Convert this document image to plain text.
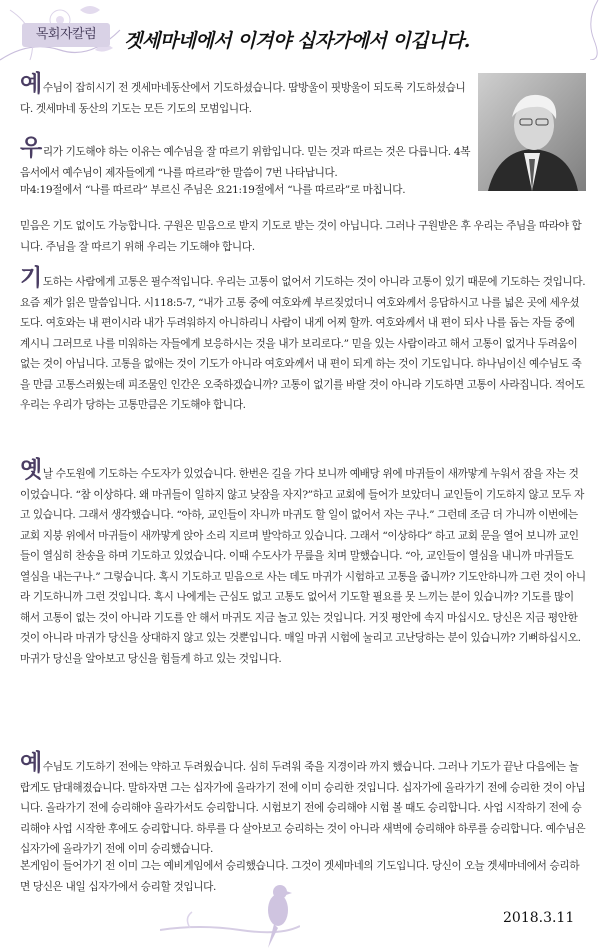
목회자칼럼	겟세마네에서 이겨야 십자가에서 이깁니다.

예수님이 잡히시기 전 겟세마네동산에서 기도하셨습니다. 땀방울이 핏방울이 되도록 기도하셨습니다. 겟세마네 동산의 기도는 모든 기도의 모범입니다.

우리가 기도해야 하는 이유는 예수님을 잘 따르기 위함입니다. 믿는 것과 따르는 것은 다릅니다. 4복음서에서 예수님이 제자들에게 “나를 따르라”한 말씀이 7번 나타납니다.

마4:19절에서 “나를 따르라” 부르신 주님은 요21:19절에서 “나를 따르라”로 마칩니다.

믿음은 기도 없이도 가능합니다. 구원은 믿음으로 받지 기도로 받는 것이 아닙니다. 그러나 구원받은 후 우리는 주님을 따라야 합니다. 주님을 잘 따르기 위해 우리는 기도해야 합니다.

기도하는 사람에게 고통은 필수적입니다. 우리는 고통이 없어서 기도하는 것이 아니라 고통이 있기 때문에 기도하는 것입니다. 요즘 제가 읽은 말씀입니다. 시118:5-7, “내가 고통 중에 여호와께 부르짖었더니 여호와께서 응답하시고 나를 넓은 곳에 세우셨도다. 여호와는 내 편이시라 내가 두려워하지 아니하리니 사람이 내게 어찌 할까. 여호와께서 내 편이 되사 나를 돕는 자들 중에 계시니 그러므로 나를 미워하는 자들에게 보응하시는 것을 내가 보리로다.” 믿을 있는 사람이라고 해서 고통이 없거나 두려움이 없는 것이 아닙니다. 고통을 없애는 것이 기도가 아니라 여호와께서 내 편이 되게 하는 것이 기도입니다. 하나님이신 예수님도 죽을 만큼 고통스러웠는데 피조물인 인간은 오죽하겠습니까? 고통이 없기를 바랄 것이 아니라 기도하면 고통이 사라집니다. 적어도 우리는 우리가 당하는 고통만큼은 기도해야 합니다.

옛날 수도원에 기도하는 수도자가 있었습니다. 한번은 길을 가다 보니까 예배당 위에 마귀들이 새까맣게 누워서 잠을 자는 것이었습니다. “참 이상하다. 왜 마귀들이 일하지 않고 낮잠을 자지?”하고 교회에 들어가 보았더니 교인들이 기도하지 않고 모두 자고 있습니다. 그래서 생각했습니다. “아하, 교인들이 자니까 마귀도 할 일이 없어서 자는 구나.” 그런데 조금 더 가니까 이번에는 교회 지붕 위에서 마귀들이 새까맣게 앉아 소리 지르며 발악하고 있습니다. 그래서 “이상하다” 하고 교회 문을 열어 보니까 교인들이 열심히 찬송을 하며 기도하고 있었습니다. 이때 수도사가 무릎을 치며 말했습니다. “아, 교인들이 열심을 내니까 마귀들도 열심을 내는구나.” 그렇습니다. 혹시 기도하고 믿음으로 사는 데도 마귀가 시험하고 고통을 줍니까? 기도안하니까 그런 것이 아니라 기도하니까 그런 것입니다. 혹시 나에게는 근심도 없고 고통도 없어서 기도할 필요를 못 느끼는 분이 있습니까? 기도를 많이 해서 고통이 없는 것이 아니라 기도를 안 해서 마귀도 지금 놀고 있는 것입니다. 거짓 평안에 속지 마십시오. 당신은 지금 평안한 것이 아니라 마귀가 당신을 상대하지 않고 있는 것뿐입니다. 매일 마귀 시험에 눌리고 고난당하는 분이 있습니까? 기뻐하십시오. 마귀가 당신을 알아보고 당신을 힘들게 하고 있는 것입니다.

예수님도 기도하기 전에는 약하고 두려웠습니다. 심히 두려워 죽을 지경이라 까지 했습니다. 그러나 기도가 끝난 다음에는 놀랍게도 담대해졌습니다. 말하자면 그는 십자가에 올라가기 전에 이미 승리한 것입니다. 십자가에 올라가기 전에 승리한 것이 아닙니다. 올라가기 전에 승리해야 올라가서도 승리합니다. 시험보기 전에 승리해야 시험 볼 때도 승리합니다. 사업 시작하기 전에 승리해야 사업 시작한 후에도 승리합니다. 하루를 다 살아보고 승리하는 것이 아니라 새벽에 승리해야 하루를 승리합니다. 예수님은 십자가에 올라가기 전에 이미 승리했습니다.

본게임이 들어가기 전 이미 그는 예비게임에서 승리했습니다. 그것이 겟세마네의 기도입니다. 당신이 오늘 겟세마네에서 승리하면 당신은 내일 십자가에서 승리할 것입니다.

2018.3.11
